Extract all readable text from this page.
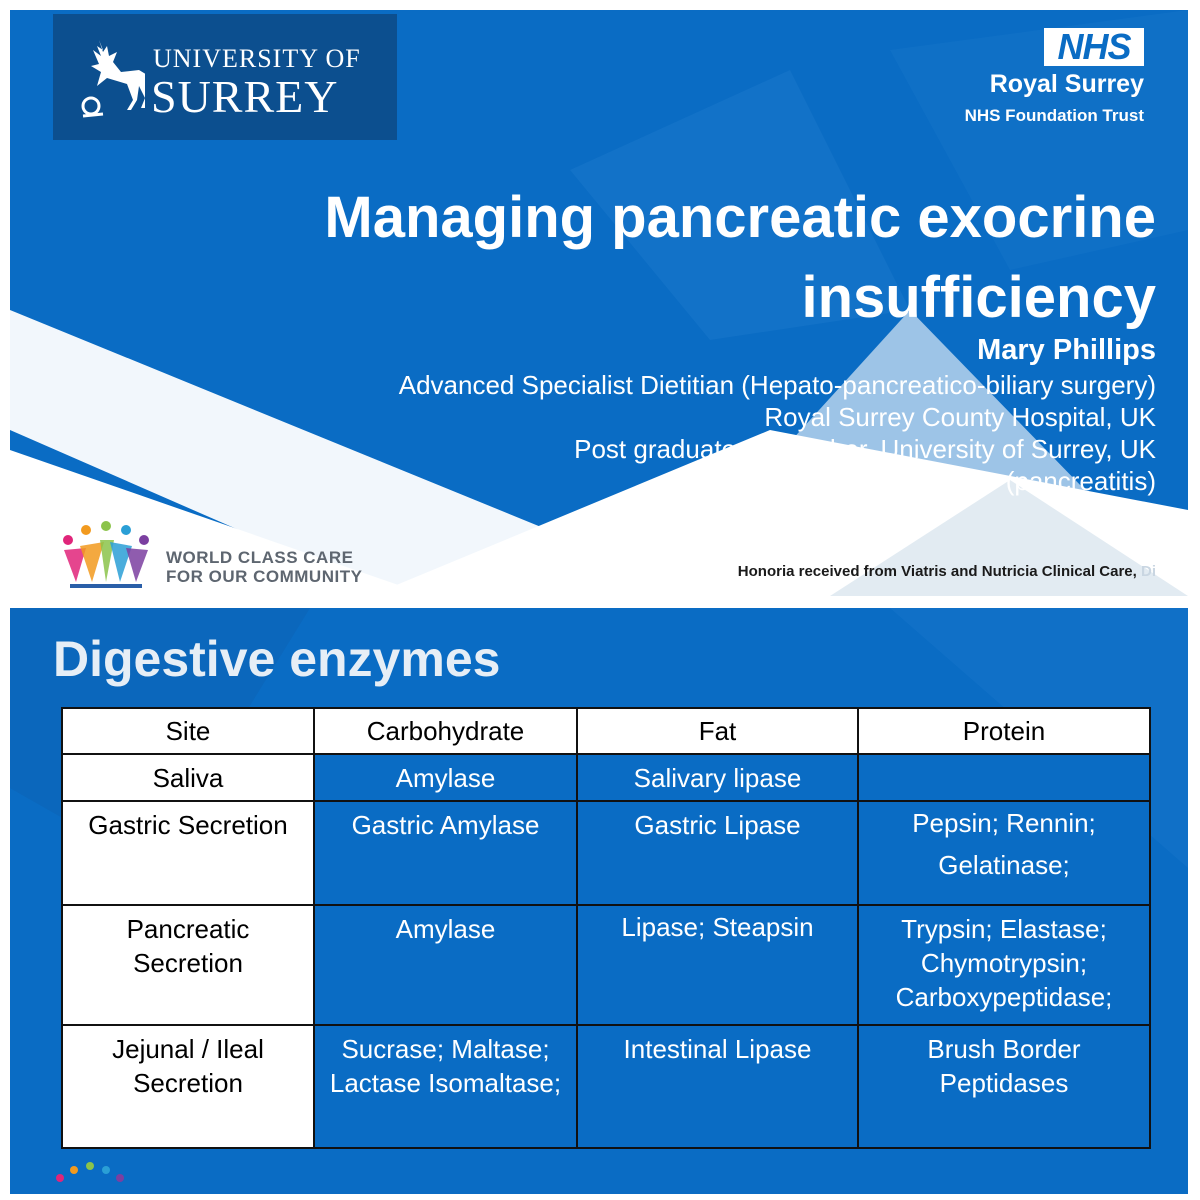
UNIVERSITY OF
SURREY
NHS
Royal Surrey
NHS Foundation Trust
Managing pancreatic exocrine insufficiency
Mary Phillips
Advanced Specialist Dietitian (Hepato-pancreatico-biliary surgery)
Royal Surrey County Hospital, UK
Post graduate researcher, University of Surrey, UK
NICE expert panel member (pancreatitis)
WORLD CLASS CARE
FOR OUR COMMUNITY	Honoria received from Viatris and Nutricia Clinical Care, Di
Digestive enzymes
Site	Carbohydrate	Fat	Protein
Saliva	Amylase	Salivary lipase	
Gastric Secretion	Gastric Amylase	Gastric Lipase	Pepsin; Rennin; Gelatinase;
Pancreatic Secretion	Amylase	Lipase; Steapsin	Trypsin; Elastase; Chymotrypsin; Carboxypeptidase;
Jejunal / Ileal Secretion	Sucrase; Maltase; Lactase Isomaltase;	Intestinal Lipase	Brush Border Peptidases
